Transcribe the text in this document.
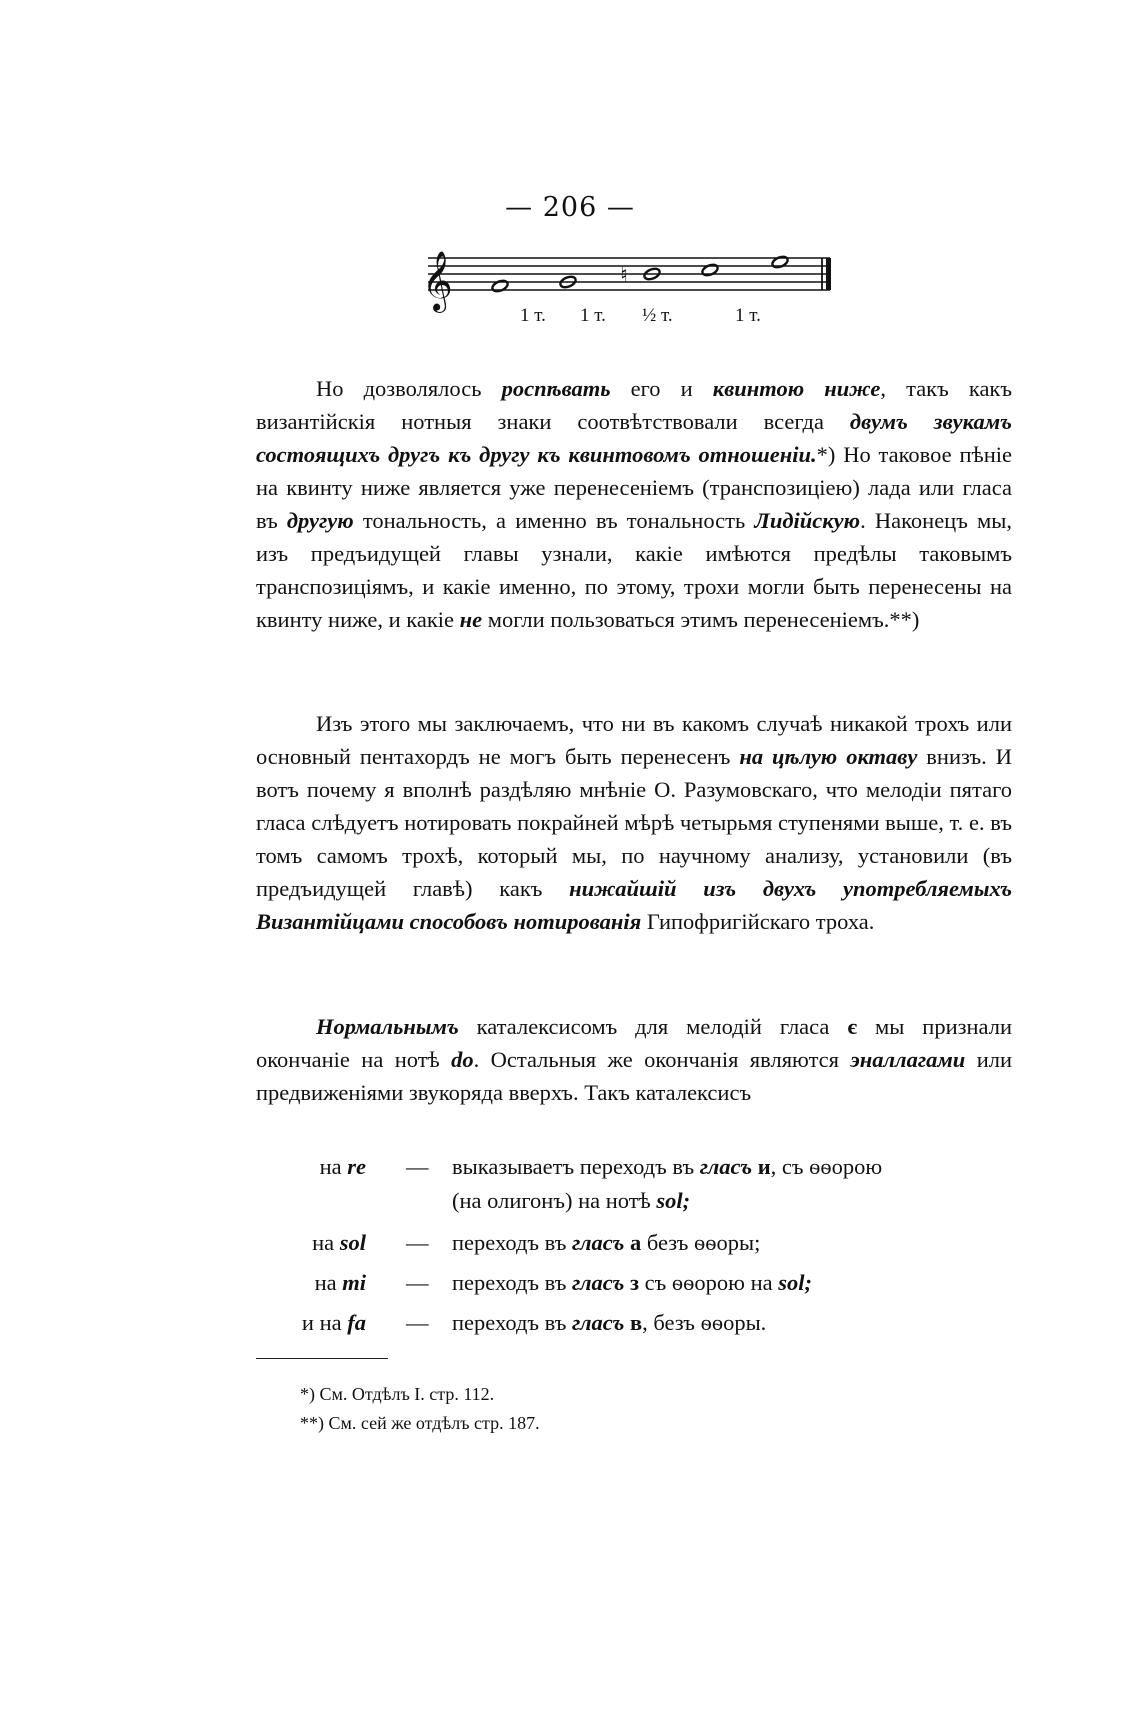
— 206 —
𝄞	♮
1 т. 1 т. ½ т.	1 т.

Но дозволялось роспѣвать его и квинтою ниже, такъ какъ византiйскiя нотныя знаки соотвѣтствовали всегда двумъ звукамъ состоящихъ другъ къ другу къ квинтовомъ отношенiи.*) Но таковое пѣнiе на квинту ниже является уже перенесенiемъ (транспозицiею) лада или гласа въ другую тональность, а именно въ тональность Лидiйскую. Наконецъ мы, изъ предъидущей главы узнали, какiе имѣются предѣлы таковымъ транспозицiямъ, и какiе именно, по этому, трохи могли быть перенесены на квинту ниже, и какiе не могли пользоваться этимъ перенесенiемъ.**)

Изъ этого мы заключаемъ, что ни въ какомъ случаѣ никакой трохъ или основный пентахордъ не могъ быть перенесенъ на цѣлую октаву внизъ. И вотъ почему я вполнѣ раздѣляю мнѣнiе О. Разумовскаго, что мелодiи пятаго гласа слѣдуетъ нотировать покрайней мѣрѣ четырьмя ступенями выше, т. е. въ томъ самомъ трохѣ, который мы, по научному анализу, установили (въ предъидущей главѣ) какъ нижайшiй изъ двухъ употребляемыхъ Византiйцами способовъ нотированiя Гипофригiйскаго троха.

Нормальнымъ каталексисомъ для мелодiй гласа є мы признали окончанiе на нотѣ do. Остальныя же окончанiя являются эналлагами или предвиженiями звукоряда вверхъ. Такъ каталексисъ

на re — выказываетъ переходъ въ гласъ и, съ ѳѳорою
(на олигонъ) на нотѣ sol;
на sol — переходъ въ гласъ а безъ ѳѳоры;
на mi — переходъ въ гласъ з съ ѳѳорою на sol;
и на fa — переходъ въ гласъ в, безъ ѳѳоры.
*) См. Отдѣлъ I. стр. 112.
**) См. сей же отдѣлъ стр. 187.
